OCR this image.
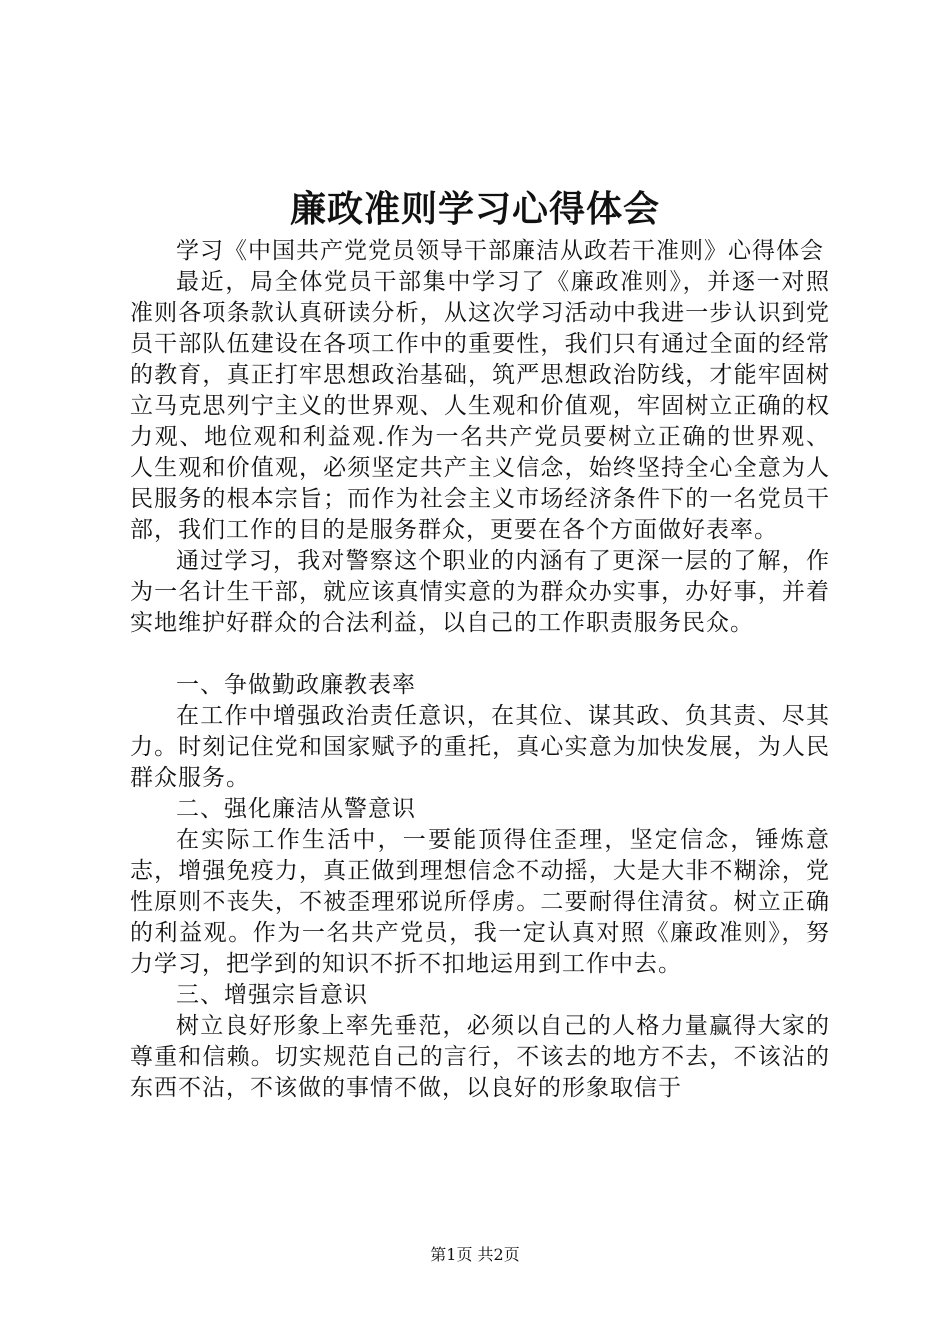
廉政准则学习心得体会

学习《中国共产党党员领导干部廉洁从政若干准则》心得体会

最近，局全体党员干部集中学习了《廉政准则》，并逐一对照准则各项条款认真研读分析，从这次学习活动中我进一步认识到党员干部队伍建设在各项工作中的重要性，我们只有通过全面的经常的教育，真正打牢思想政治基础，筑严思想政治防线，才能牢固树立马克思列宁主义的世界观、人生观和价值观，牢固树立正确的权力观、地位观和利益观.作为一名共产党员要树立正确的世界观、人生观和价值观，必须坚定共产主义信念，始终坚持全心全意为人民服务的根本宗旨；而作为社会主义市场经济条件下的一名党员干部，我们工作的目的是服务群众，更要在各个方面做好表率。

通过学习，我对警察这个职业的内涵有了更深一层的了解，作为一名计生干部，就应该真情实意的为群众办实事，办好事，并着实地维护好群众的合法利益，以自己的工作职责服务民众。

一、争做勤政廉教表率

在工作中增强政治责任意识，在其位、谋其政、负其责、尽其力。时刻记住党和国家赋予的重托，真心实意为加快发展，为人民群众服务。

二、强化廉洁从警意识

在实际工作生活中，一要能顶得住歪理，坚定信念，锤炼意志，增强免疫力，真正做到理想信念不动摇，大是大非不糊涂，党性原则不丧失，不被歪理邪说所俘虏。二要耐得住清贫。树立正确的利益观。作为一名共产党员，我一定认真对照《廉政准则》，努力学习，把学到的知识不折不扣地运用到工作中去。

三、增强宗旨意识

树立良好形象上率先垂范，必须以自己的人格力量赢得大家的尊重和信赖。切实规范自己的言行，不该去的地方不去，不该沾的东西不沾，不该做的事情不做，以良好的形象取信于

第1页 共2页
